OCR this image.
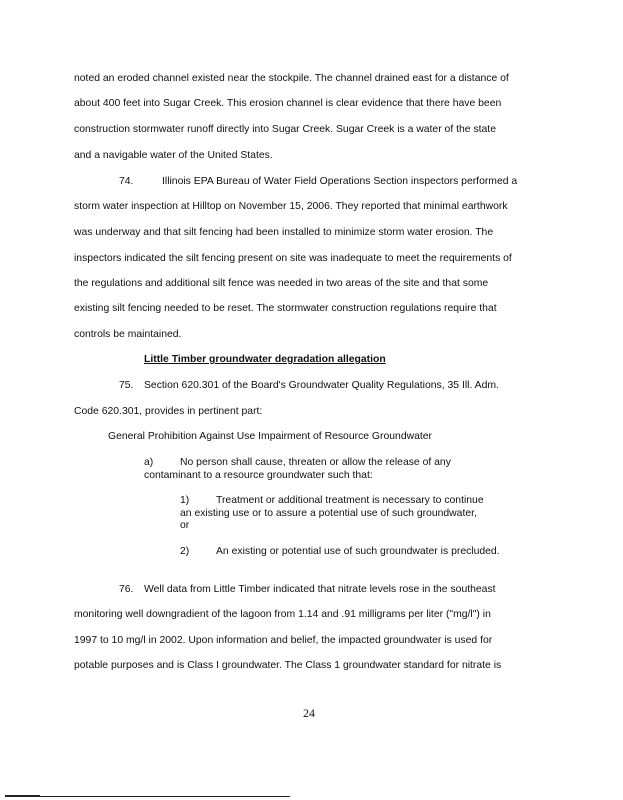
noted an eroded channel existed near the stockpile. The channel drained east for a distance of
about 400 feet into Sugar Creek. This erosion channel is clear evidence that there have been
construction stormwater runoff directly into Sugar Creek. Sugar Creek is a water of the state
and a navigable water of the United States.
74.	Illinois EPA Bureau of Water Field Operations Section inspectors performed a
storm water inspection at Hilltop on November 15, 2006. They reported that minimal earthwork
was underway and that silt fencing had been installed to minimize storm water erosion. The
inspectors indicated the silt fencing present on site was inadequate to meet the requirements of
the regulations and additional silt fence was needed in two areas of the site and that some
existing silt fencing needed to be reset. The stormwater construction regulations require that
controls be maintained.
Little Timber groundwater degradation allegation
75. Section 620.301 of the Board's Groundwater Quality Regulations, 35 Ill. Adm.
Code 620.301, provides in pertinent part:
General Prohibition Against Use Impairment of Resource Groundwater
a)	No person shall cause, threaten or allow the release of any
contaminant to a resource groundwater such that:
1)	Treatment or additional treatment is necessary to continue
an existing use or to assure a potential use of such groundwater,
or
2)	An existing or potential use of such groundwater is precluded.
76. Well data from Little Timber indicated that nitrate levels rose in the southeast
monitoring well downgradient of the lagoon from 1.14 and .91 milligrams per liter ("mg/l") in
1997 to 10 mg/l in 2002. Upon information and belief, the impacted groundwater is used for
potable purposes and is Class I groundwater. The Class 1 groundwater standard for nitrate is
24
